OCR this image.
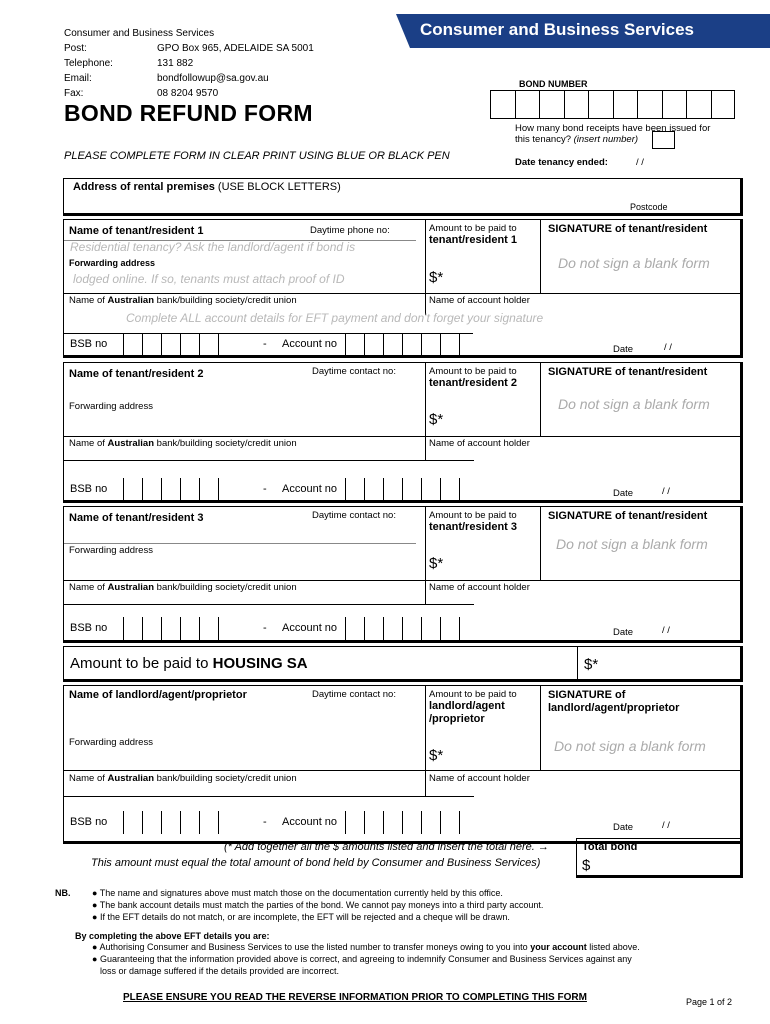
Consumer and Business Services
Consumer and Business Services
Post:	GPO Box 965, ADELAIDE SA 5001
Telephone:	131 882
Email:	bondfollowup@sa.gov.au
Fax:	08 8204 9570
BOND NUMBER
BOND REFUND FORM
How many bond receipts have been issued for
this tenancy? (insert number)
PLEASE COMPLETE FORM IN CLEAR PRINT USING BLUE OR BLACK PEN
Date tenancy ended:	/ /
Address of rental premises (USE BLOCK LETTERS)
Postcode
Name of tenant/resident 1	Daytime phone no:	Amount to be paid to
tenant/resident 1
SIGNATURE of tenant/resident
Do not sign a blank form
Forwarding address
$*
Name of Australian bank/building society/credit union	Name of account holder
Residential tenancy? Ask the landlord/agent if bond is
lodged online. If so, tenants must attach proof of ID
Complete ALL account details for EFT payment and don't forget your signature
BSB no	- Account no	Date	/ /
Name of tenant/resident 2	Daytime contact no:	Amount to be paid to
tenant/resident 2
SIGNATURE of tenant/resident
Do not sign a blank form
Forwarding address
$*
Name of Australian bank/building society/credit union	Name of account holder
BSB no	- Account no	Date	/ /
Name of tenant/resident 3	Daytime contact no:	Amount to be paid to
tenant/resident 3
SIGNATURE of tenant/resident
Do not sign a blank form
Forwarding address
$*
Name of Australian bank/building society/credit union	Name of account holder
BSB no	- Account no	Date	/ /
Amount to be paid to HOUSING SA	$*
Name of landlord/agent/proprietor	Daytime contact no:	Amount to be paid to
landlord/agent
/proprietor
SIGNATURE of
landlord/agent/proprietor
Do not sign a blank form
Forwarding address
$*
Name of Australian bank/building society/credit union	Name of account holder
BSB no	- Account no	Date	/ /
(* Add together all the $ amounts listed and insert the total here. →
This amount must equal the total amount of bond held by Consumer and Business Services)
Total bond
$
NB. ● The name and signatures above must match those on the documentation currently held by this office.
● The bank account details must match the parties of the bond. We cannot pay moneys into a third party account.
● If the EFT details do not match, or are incomplete, the EFT will be rejected and a cheque will be drawn.
By completing the above EFT details you are:
● Authorising Consumer and Business Services to use the listed number to transfer moneys owing to you into your account listed above.
● Guaranteeing that the information provided above is correct, and agreeing to indemnify Consumer and Business Services against any
loss or damage suffered if the details provided are incorrect.
PLEASE ENSURE YOU READ THE REVERSE INFORMATION PRIOR TO COMPLETING THIS FORM	Page 1 of 2
